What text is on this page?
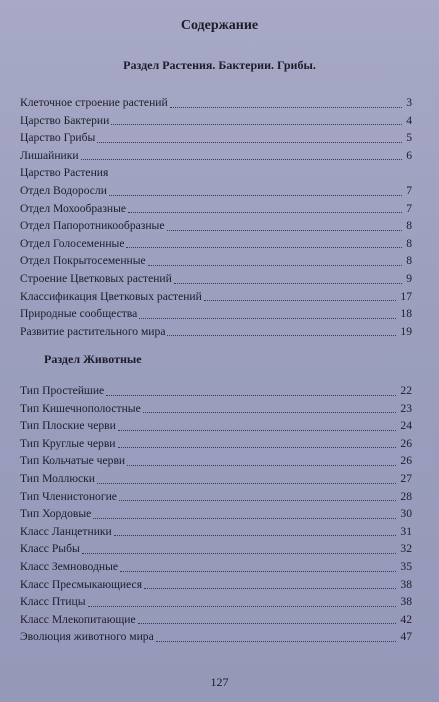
Содержание
Раздел Растения. Бактерии. Грибы.
Клеточное строение растений	3
Царство Бактерии	4
Царство Грибы	5
Лишайники	6
Царство Растения
Отдел Водоросли	7
Отдел Мохообразные	7
Отдел Папоротникообразные	8
Отдел Голосеменные	8
Отдел Покрытосеменные	8
Строение Цветковых растений	9
Классификация Цветковых растений	17
Природные сообщества	18
Развитие растительного мира	19
Раздел Животные
Тип Простейшие	22
Тип Кишечнополостные	23
Тип Плоские черви	24
Тип Круглые черви	26
Тип Кольчатые черви	26
Тип Моллюски	27
Тип Членистоногие	28
Тип Хордовые	30
Класс Ланцетники	31
Класс Рыбы	32
Класс Земноводные	35
Класс Пресмыкающиеся	38
Класс Птицы	38
Класс Млекопитающие	42
Эволюция животного мира	47
127
